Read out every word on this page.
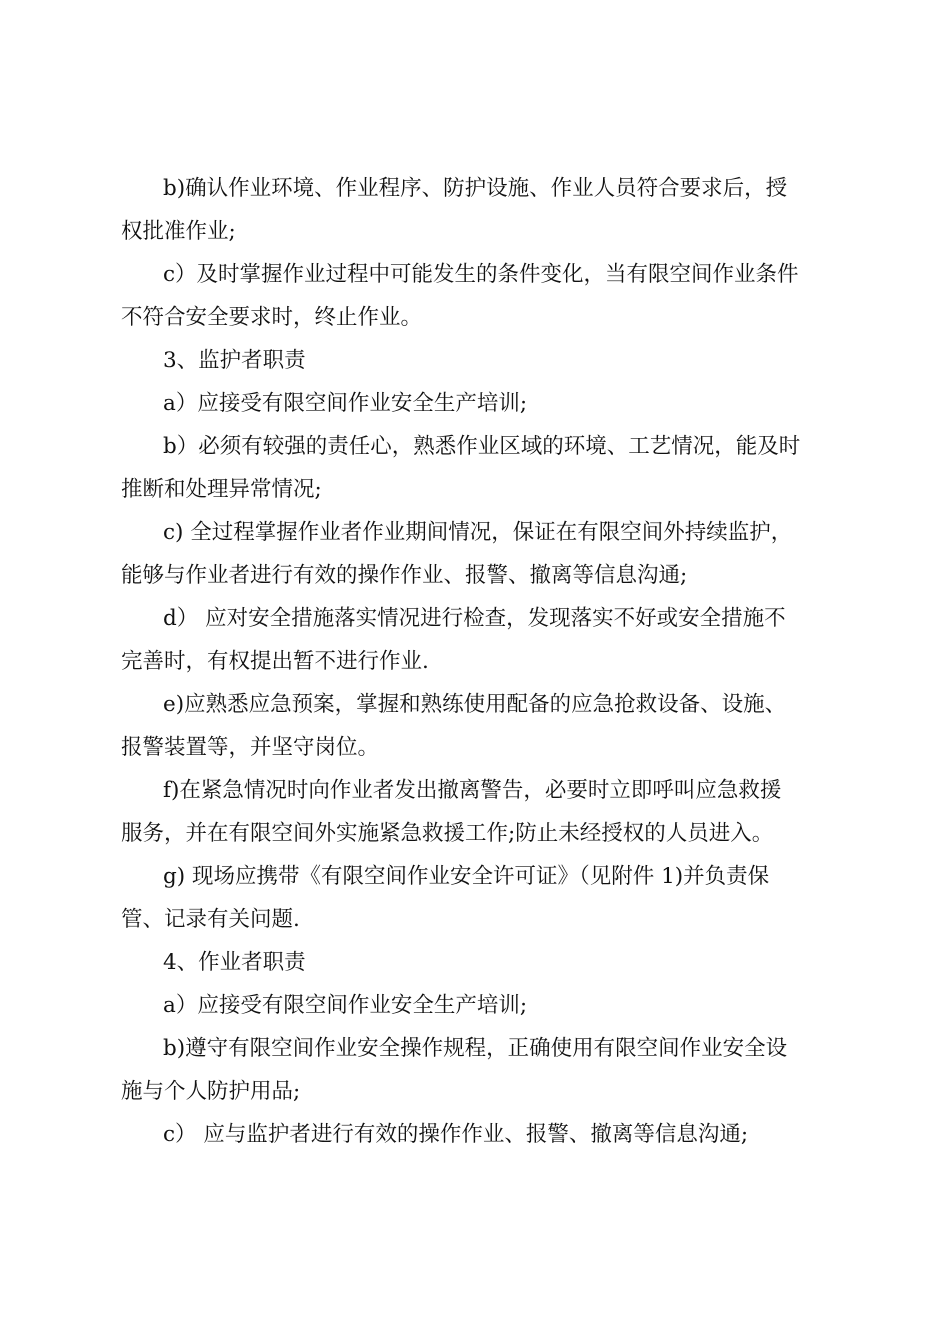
b)确认作业环境、作业程序、防护设施、作业人员符合要求后，授

权批准作业;

c）及时掌握作业过程中可能发生的条件变化，当有限空间作业条件

不符合安全要求时，终止作业。

3、监护者职责

a）应接受有限空间作业安全生产培训;

b）必须有较强的责任心，熟悉作业区域的环境、工艺情况，能及时

推断和处理异常情况;

c) 全过程掌握作业者作业期间情况，保证在有限空间外持续监护，

能够与作业者进行有效的操作作业、报警、撤离等信息沟通;

d） 应对安全措施落实情况进行检查，发现落实不好或安全措施不

完善时，有权提出暂不进行作业.

e)应熟悉应急预案，掌握和熟练使用配备的应急抢救设备、设施、

报警装置等，并坚守岗位。

f)在紧急情况时向作业者发出撤离警告，必要时立即呼叫应急救援

服务，并在有限空间外实施紧急救援工作;防止未经授权的人员进入。

g) 现场应携带《有限空间作业安全许可证》（见附件 1)并负责保

管、记录有关问题.

4、作业者职责

a）应接受有限空间作业安全生产培训;

b)遵守有限空间作业安全操作规程，正确使用有限空间作业安全设

施与个人防护用品;

c） 应与监护者进行有效的操作作业、报警、撤离等信息沟通;
